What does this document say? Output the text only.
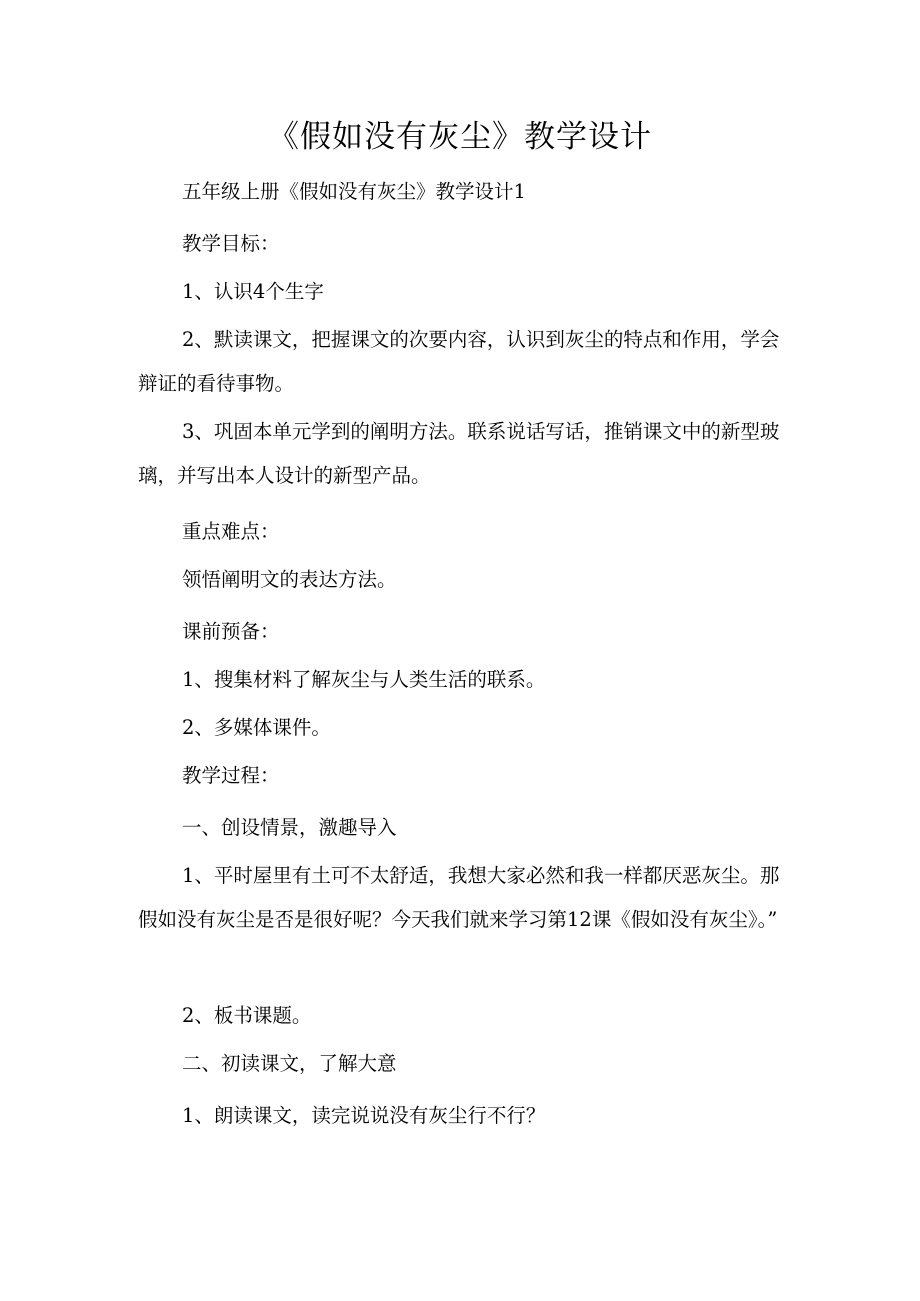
《假如没有灰尘》教学设计

五年级上册《假如没有灰尘》教学设计1

教学目标：

1、认识4个生字

2、默读课文，把握课文的次要内容，认识到灰尘的特点和作用，学会辩证的看待事物。

3、巩固本单元学到的阐明方法。联系说话写话，推销课文中的新型玻璃，并写出本人设计的新型产品。

重点难点：

领悟阐明文的表达方法。

课前预备：

1、搜集材料了解灰尘与人类生活的联系。

2、多媒体课件。

教学过程：

一、创设情景，激趣导入

1、平时屋里有土可不太舒适，我想大家必然和我一样都厌恶灰尘。那假如没有灰尘是否是很好呢？今天我们就来学习第12课《假如没有灰尘》。”

2、板书课题。

二、初读课文，了解大意

1、朗读课文，读完说说没有灰尘行不行？
